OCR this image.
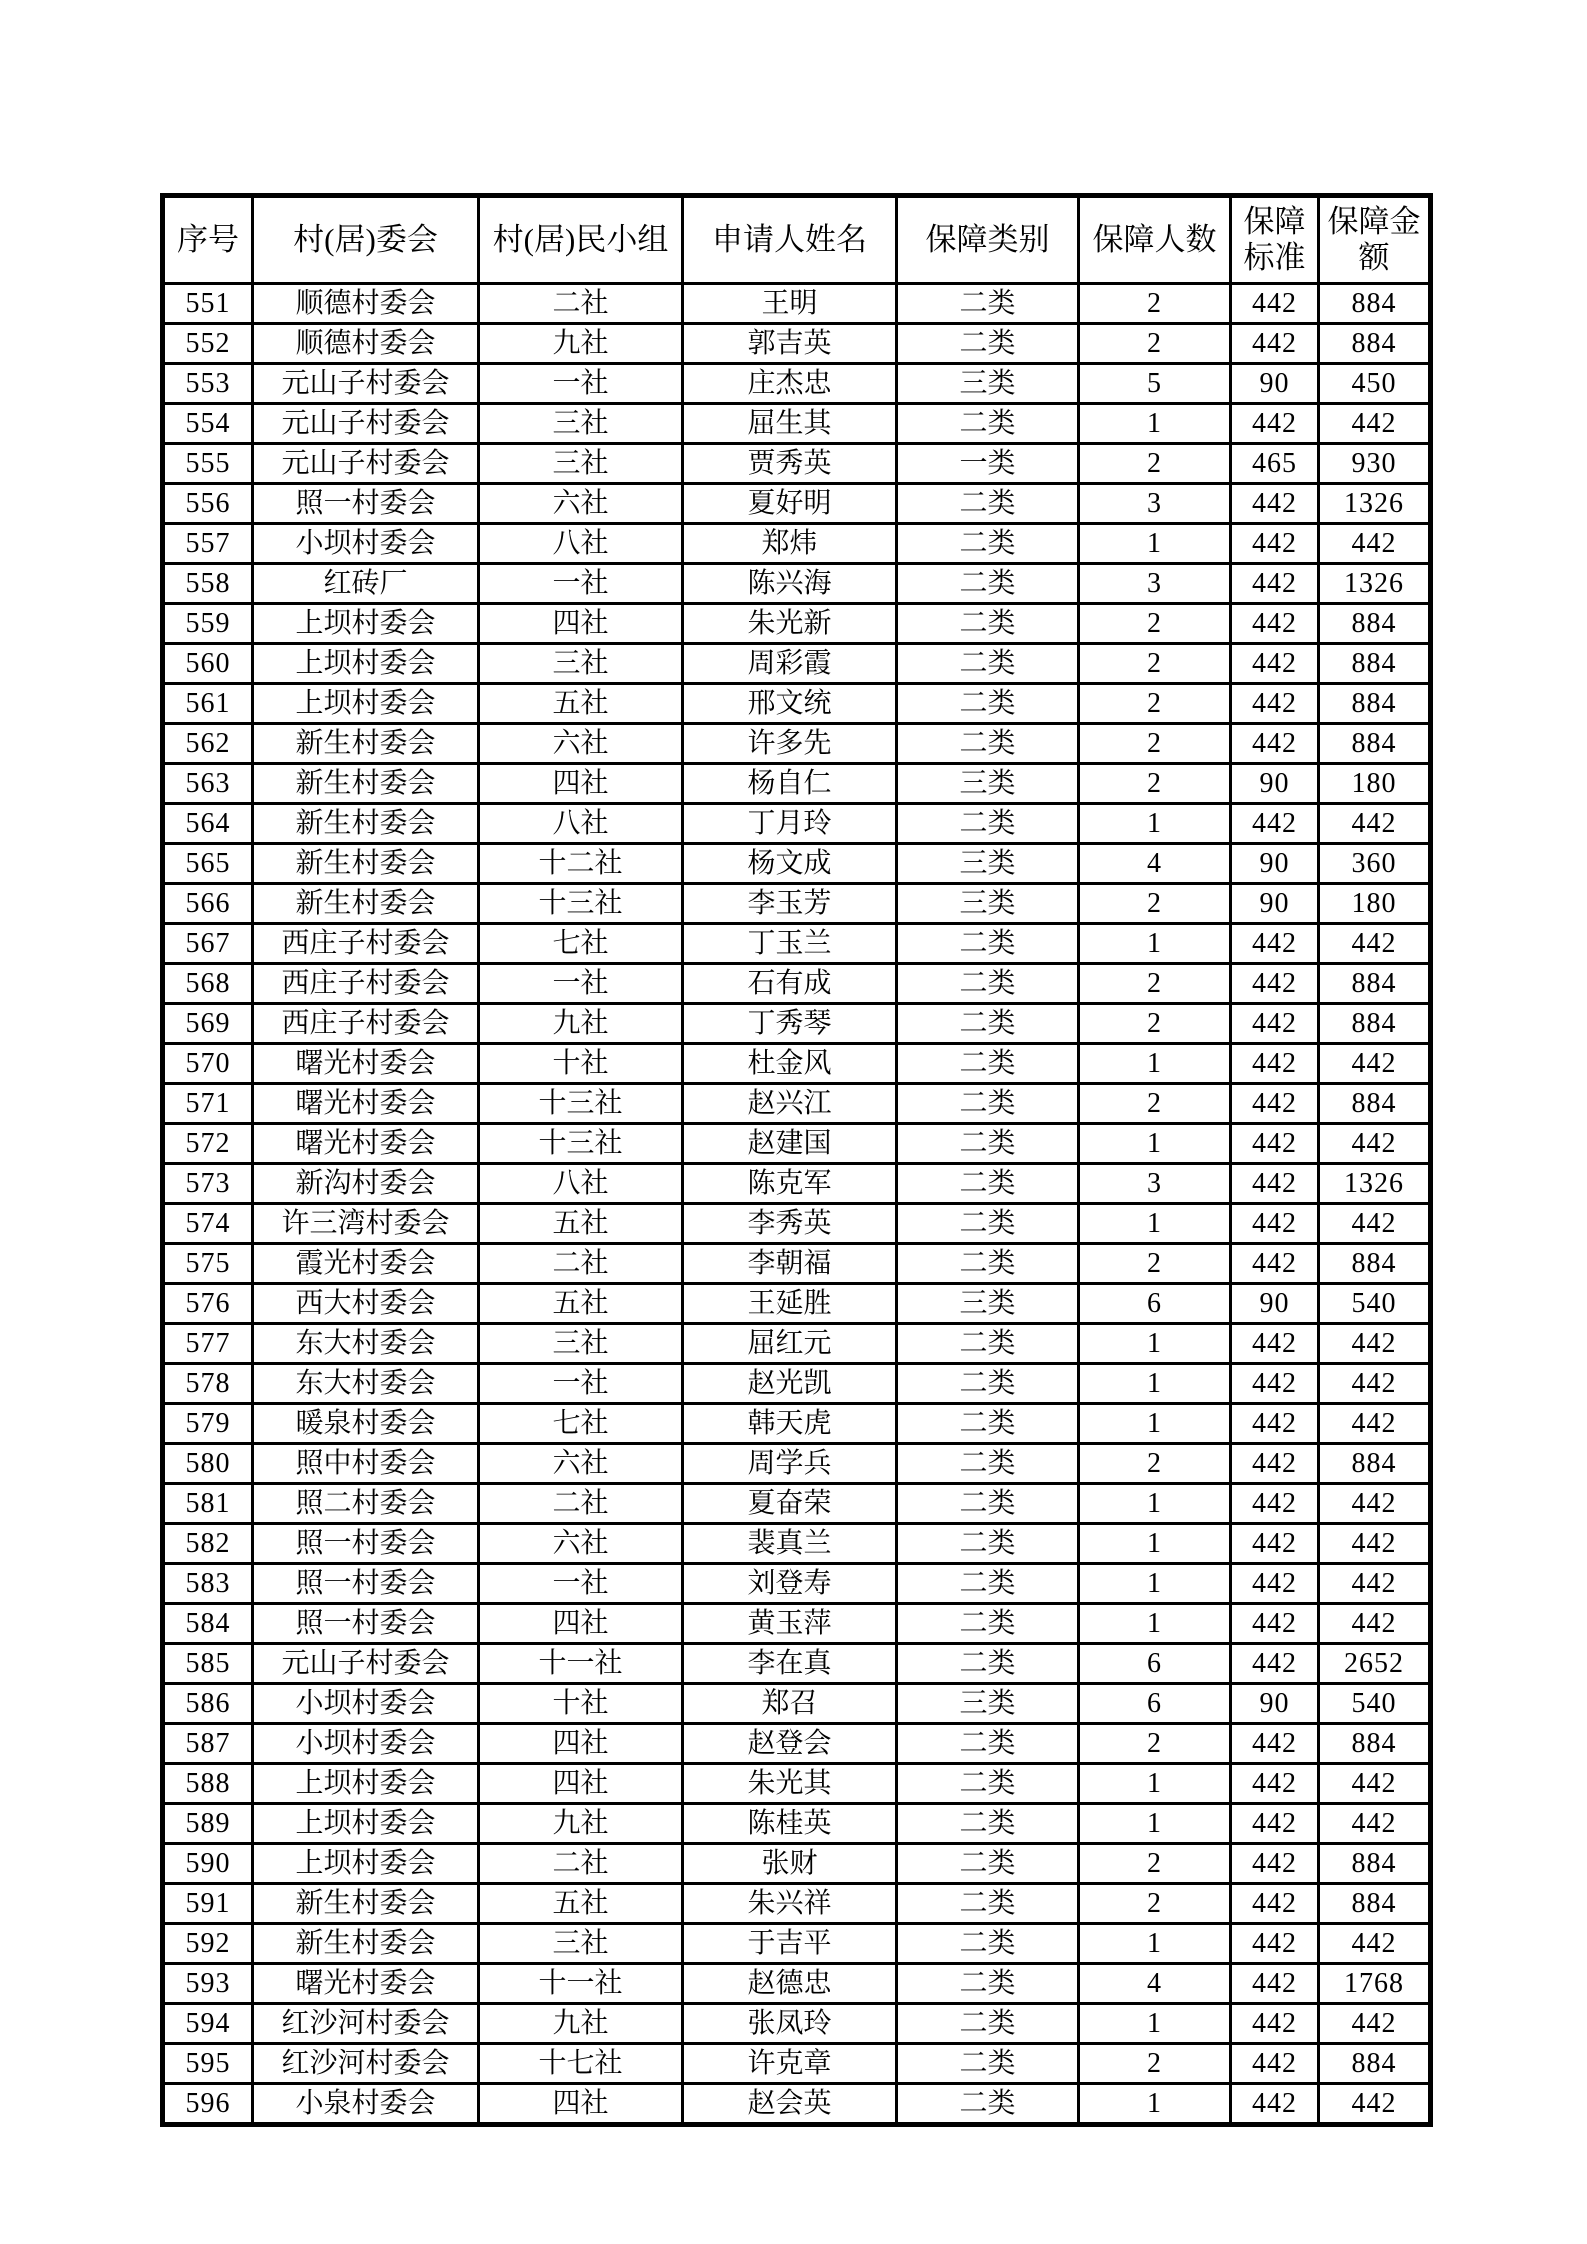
序号	村(居)委会	村(居)民小组	申请人姓名	保障类别	保障人数	保障标准	保障金额
551	顺德村委会	二社	王明	二类	2	442	884
552	顺德村委会	九社	郭吉英	二类	2	442	884
553	元山子村委会	一社	庄杰忠	三类	5	90	450
554	元山子村委会	三社	屈生其	二类	1	442	442
555	元山子村委会	三社	贾秀英	一类	2	465	930
556	照一村委会	六社	夏好明	二类	3	442	1326
557	小坝村委会	八社	郑炜	二类	1	442	442
558	红砖厂	一社	陈兴海	二类	3	442	1326
559	上坝村委会	四社	朱光新	二类	2	442	884
560	上坝村委会	三社	周彩霞	二类	2	442	884
561	上坝村委会	五社	邢文统	二类	2	442	884
562	新生村委会	六社	许多先	二类	2	442	884
563	新生村委会	四社	杨自仁	三类	2	90	180
564	新生村委会	八社	丁月玲	二类	1	442	442
565	新生村委会	十二社	杨文成	三类	4	90	360
566	新生村委会	十三社	李玉芳	三类	2	90	180
567	西庄子村委会	七社	丁玉兰	二类	1	442	442
568	西庄子村委会	一社	石有成	二类	2	442	884
569	西庄子村委会	九社	丁秀琴	二类	2	442	884
570	曙光村委会	十社	杜金风	二类	1	442	442
571	曙光村委会	十三社	赵兴江	二类	2	442	884
572	曙光村委会	十三社	赵建国	二类	1	442	442
573	新沟村委会	八社	陈克军	二类	3	442	1326
574	许三湾村委会	五社	李秀英	二类	1	442	442
575	霞光村委会	二社	李朝福	二类	2	442	884
576	西大村委会	五社	王延胜	三类	6	90	540
577	东大村委会	三社	屈红元	二类	1	442	442
578	东大村委会	一社	赵光凯	二类	1	442	442
579	暖泉村委会	七社	韩天虎	二类	1	442	442
580	照中村委会	六社	周学兵	二类	2	442	884
581	照二村委会	二社	夏奋荣	二类	1	442	442
582	照一村委会	六社	裴真兰	二类	1	442	442
583	照一村委会	一社	刘登寿	二类	1	442	442
584	照一村委会	四社	黄玉萍	二类	1	442	442
585	元山子村委会	十一社	李在真	二类	6	442	2652
586	小坝村委会	十社	郑召	三类	6	90	540
587	小坝村委会	四社	赵登会	二类	2	442	884
588	上坝村委会	四社	朱光其	二类	1	442	442
589	上坝村委会	九社	陈桂英	二类	1	442	442
590	上坝村委会	二社	张财	二类	2	442	884
591	新生村委会	五社	朱兴祥	二类	2	442	884
592	新生村委会	三社	于吉平	二类	1	442	442
593	曙光村委会	十一社	赵德忠	二类	4	442	1768
594	红沙河村委会	九社	张凤玲	二类	1	442	442
595	红沙河村委会	十七社	许克章	二类	2	442	884
596	小泉村委会	四社	赵会英	二类	1	442	442
